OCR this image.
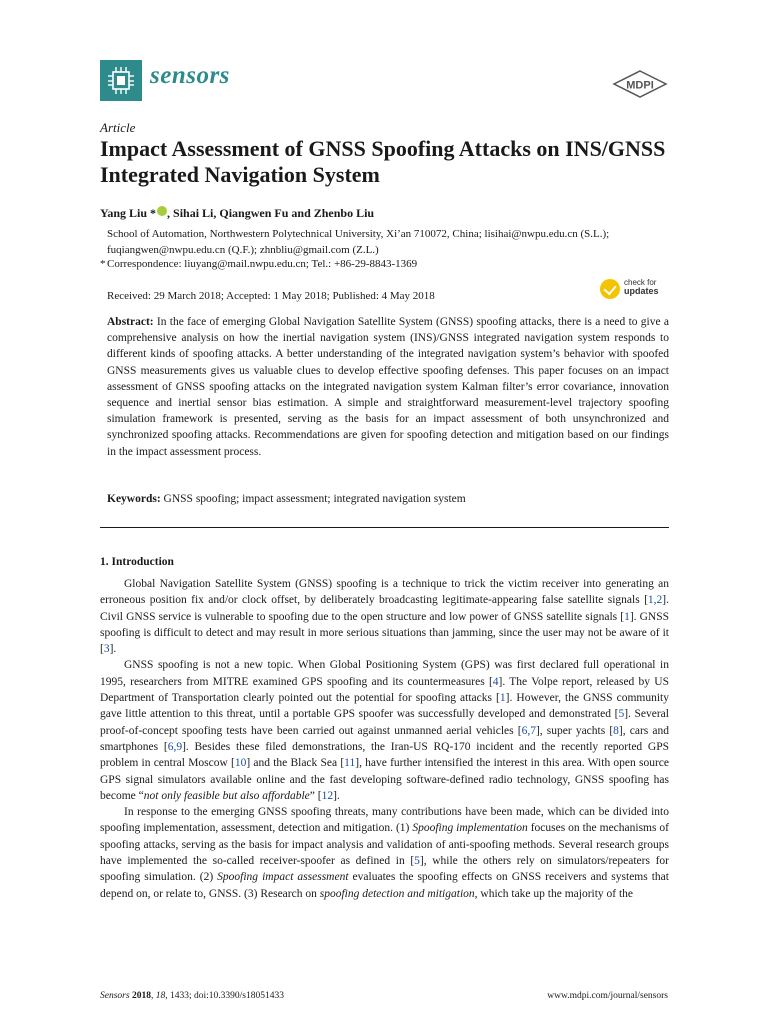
sensors	MDPI
Article
Impact Assessment of GNSS Spoofing Attacks on INS/GNSS Integrated Navigation System
Yang Liu * , Sihai Li, Qiangwen Fu and Zhenbo Liu
School of Automation, Northwestern Polytechnical University, Xi’an 710072, China; lisihai@nwpu.edu.cn (S.L.); fuqiangwen@nwpu.edu.cn (Q.F.); zhnbliu@gmail.com (Z.L.)
* Correspondence: liuyang@mail.nwpu.edu.cn; Tel.: +86-29-8843-1369
Received: 29 March 2018; Accepted: 1 May 2018; Published: 4 May 2018
check for
updates
Abstract: In the face of emerging Global Navigation Satellite System (GNSS) spoofing attacks, there is a need to give a comprehensive analysis on how the inertial navigation system (INS)/GNSS integrated navigation system responds to different kinds of spoofing attacks. A better understanding of the integrated navigation system’s behavior with spoofed GNSS measurements gives us valuable clues to develop effective spoofing defenses. This paper focuses on an impact assessment of GNSS spoofing attacks on the integrated navigation system Kalman filter’s error covariance, innovation sequence and inertial sensor bias estimation. A simple and straightforward measurement-level trajectory spoofing simulation framework is presented, serving as the basis for an impact assessment of both unsynchronized and synchronized spoofing attacks. Recommendations are given for spoofing detection and mitigation based on our findings in the impact assessment process.
Keywords: GNSS spoofing; impact assessment; integrated navigation system
1. Introduction

Global Navigation Satellite System (GNSS) spoofing is a technique to trick the victim receiver into generating an erroneous position fix and/or clock offset, by deliberately broadcasting legitimate-appearing false satellite signals [1,2]. Civil GNSS service is vulnerable to spoofing due to the open structure and low power of GNSS satellite signals [1]. GNSS spoofing is difficult to detect and may result in more serious situations than jamming, since the user may not be aware of it [3].

GNSS spoofing is not a new topic. When Global Positioning System (GPS) was first declared full operational in 1995, researchers from MITRE examined GPS spoofing and its countermeasures [4]. The Volpe report, released by US Department of Transportation clearly pointed out the potential for spoofing attacks [1]. However, the GNSS community gave little attention to this threat, until a portable GPS spoofer was successfully developed and demonstrated [5]. Several proof-of-concept spoofing tests have been carried out against unmanned aerial vehicles [6,7], super yachts [8], cars and smartphones [6,9]. Besides these filed demonstrations, the Iran-US RQ-170 incident and the recently reported GPS problem in central Moscow [10] and the Black Sea [11], have further intensified the interest in this area. With open source GPS signal simulators available online and the fast developing software-defined radio technology, GNSS spoofing has become “not only feasible but also affordable” [12].

In response to the emerging GNSS spoofing threats, many contributions have been made, which can be divided into spoofing implementation, assessment, detection and mitigation. (1) Spoofing implementation focuses on the mechanisms of spoofing attacks, serving as the basis for impact analysis and validation of anti-spoofing methods. Several research groups have implemented the so-called receiver-spoofer as defined in [5], while the others rely on simulators/repeaters for spoofing simulation. (2) Spoofing impact assessment evaluates the spoofing effects on GNSS receivers and systems that depend on, or relate to, GNSS. (3) Research on spoofing detection and mitigation, which take up the majority of the

Sensors 2018, 18, 1433; doi:10.3390/s18051433	www.mdpi.com/journal/sensors
